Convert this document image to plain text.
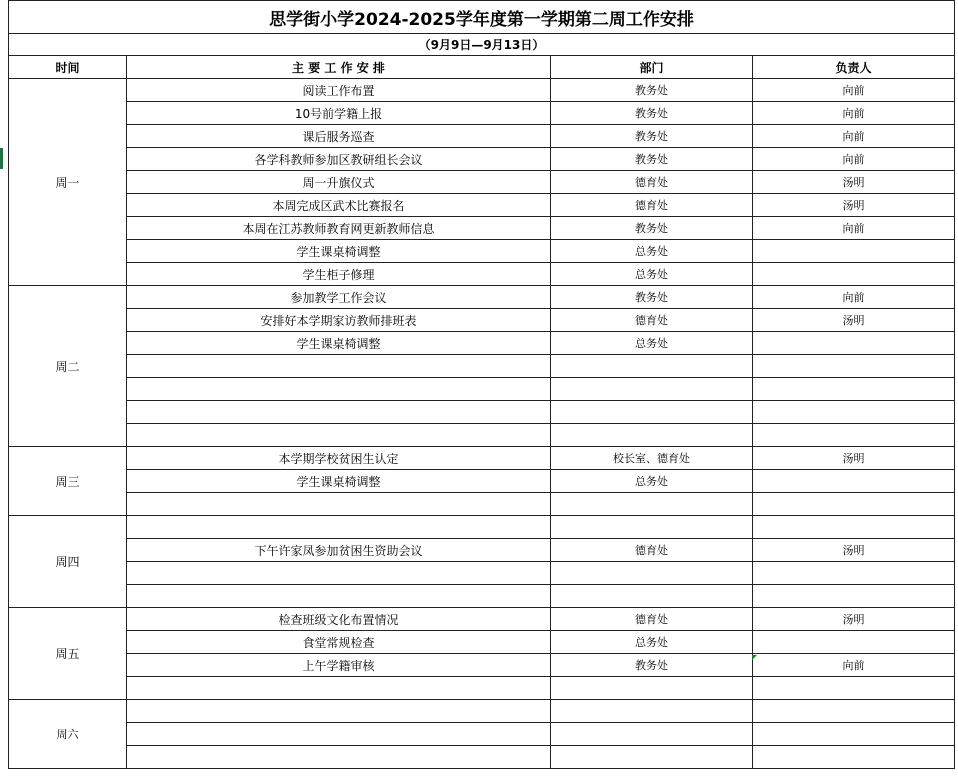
思学街小学2024-2025学年度第一学期第二周工作安排			
（9月9日—9月13日）			
时间	主 要 工 作 安 排	部门	负责人
周一	阅读工作布置	教务处	向前
	10号前学籍上报	教务处	向前
	课后服务巡查	教务处	向前
	各学科教师参加区教研组长会议	教务处	向前
	周一升旗仪式	德育处	汤明
	本周完成区武术比赛报名	德育处	汤明
	本周在江苏教师教育网更新教师信息	教务处	向前
	学生课桌椅调整	总务处	
	学生柜子修理	总务处	
周二	参加教学工作会议	教务处	向前
	安排好本学期家访教师排班表	德育处	汤明
	学生课桌椅调整	总务处	

周三	本学期学校贫困生认定	校长室、德育处	汤明
	学生课桌椅调整	总务处	

周四			
	下午许家凤参加贫困生资助会议	德育处	汤明

周五	检查班级文化布置情况	德育处	汤明
	食堂常规检查	总务处	
	上午学籍审核	教务处	向前

周六			
